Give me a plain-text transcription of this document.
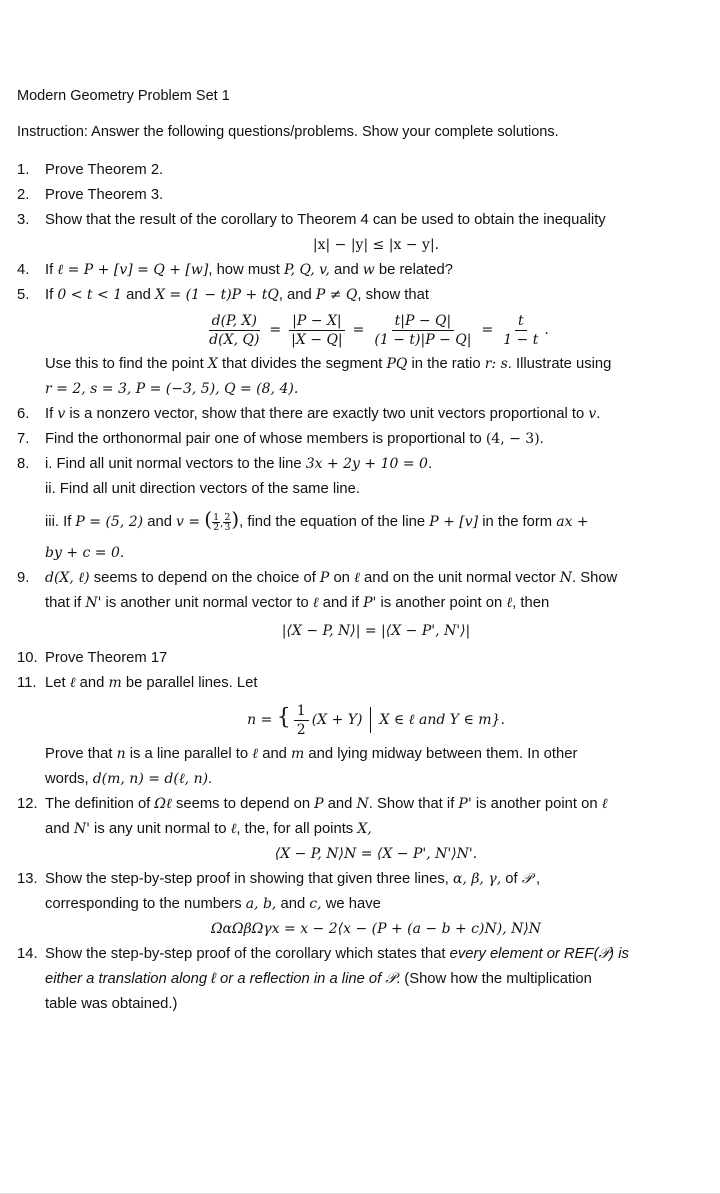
Modern Geometry Problem Set 1
Instruction: Answer the following questions/problems. Show your complete solutions.
1.	Prove Theorem 2.
2.	Prove Theorem 3.
3.	Show that the result of the corollary to Theorem 4 can be used to obtain the inequality
|x| − |y| ≤ |x − y|.
4.	If ℓ = P + [v] = Q + [w], how must P, Q, v, and w be related?
5.	If 0 < t < 1 and X = (1 − t)P + tQ, and P ≠ Q, show that
$\frac{d(P, X)}{d(X, Q)} = \frac{|P - X|}{|X - Q|} = \frac{t|P - Q|}{(1 - t)|P - Q|} = \frac{t}{1 - t}$ .
Use this to find the point X that divides the segment PQ in the ratio r: s. Illustrate using
r = 2, s = 3, P = (−3, 5), Q = (8, 4).
6.	If v is a nonzero vector, show that there are exactly two unit vectors proportional to v.
7.	Find the orthonormal pair one of whose members is proportional to (4, − 3).
8.	i. Find all unit normal vectors to the line 3x + 2y + 10 = 0.
ii. Find all unit direction vectors of the same line.
iii. If P = (5, 2) and v = ( $\frac{1}{2}$ , $\frac{2}{3}$ ), find the equation of the line P + [v] in the form ax +
by + c = 0.
9.	d(X, ℓ) seems to depend on the choice of P on ℓ and on the unit normal vector N. Show
that if N' is another unit normal vector to ℓ and if P' is another point on ℓ, then
|⟨X − P, N⟩| = |⟨X − P', N'⟩|
10. Prove Theorem 17
11. Let ℓ and m be parallel lines. Let
n = { $\frac{1}{2} (X + Y)$ X ∈ ℓ and Y ∈ m}.
Prove that n is a line parallel to ℓ and m and lying midway between them. In other
words, d(m, n) = d(ℓ, n).
12. The definition of Ωℓ seems to depend on P and N. Show that if P' is another point on ℓ
and N' is any unit normal to ℓ, the, for all points X,
⟨X − P, N⟩N = ⟨X − P', N'⟩N'.
13. Show the step-by-step proof in showing that given three lines, α, β, γ, of 𝒫 ,
corresponding to the numbers a, b, and c, we have
ΩαΩβΩγx = x − 2⟨x − (P + (a − b + c)N), N⟩N
14. Show the step-by-step proof of the corollary which states that every element or REF(𝒫) is
either a translation along ℓ or a reflection in a line of 𝒫. (Show how the multiplication
table was obtained.)
